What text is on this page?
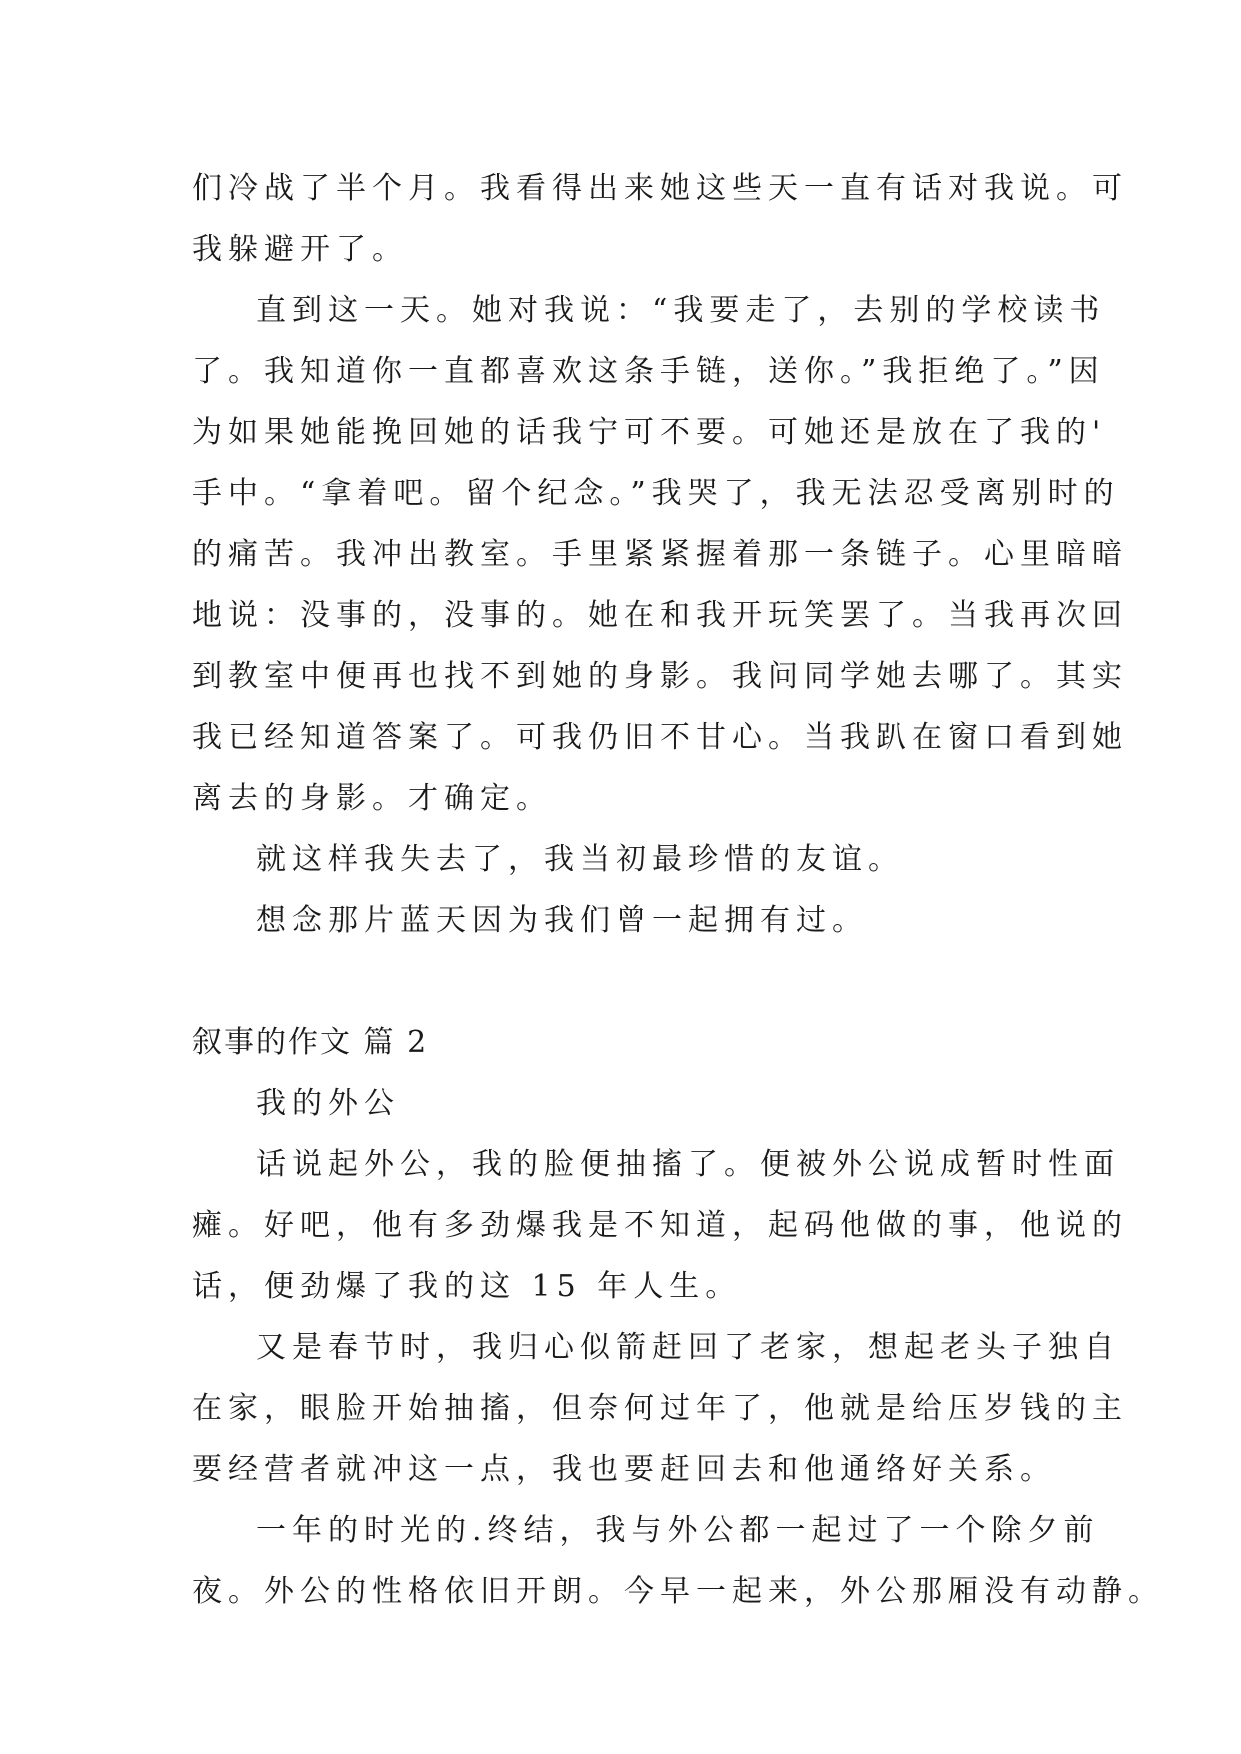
们冷战了半个月。我看得出来她这些天一直有话对我说。可

我躲避开了。

直到这一天。她对我说：“我要走了，去别的学校读书

了。我知道你一直都喜欢这条手链，送你。”我拒绝了。”因

为如果她能挽回她的话我宁可不要。可她还是放在了我的'

手中。“拿着吧。留个纪念。”我哭了，我无法忍受离别时的

的痛苦。我冲出教室。手里紧紧握着那一条链子。心里暗暗

地说：没事的，没事的。她在和我开玩笑罢了。当我再次回

到教室中便再也找不到她的身影。我问同学她去哪了。其实

我已经知道答案了。可我仍旧不甘心。当我趴在窗口看到她

离去的身影。才确定。

就这样我失去了，我当初最珍惜的友谊。

想念那片蓝天因为我们曾一起拥有过。

叙事的作文 篇 2

我的外公

话说起外公，我的脸便抽搐了。便被外公说成暂时性面

瘫。好吧，他有多劲爆我是不知道，起码他做的事，他说的

话，便劲爆了我的这 15 年人生。

又是春节时，我归心似箭赶回了老家，想起老头子独自

在家，眼脸开始抽搐，但奈何过年了，他就是给压岁钱的主

要经营者就冲这一点，我也要赶回去和他通络好关系。

一年的时光的.终结，我与外公都一起过了一个除夕前

夜。外公的性格依旧开朗。今早一起来，外公那厢没有动静。
